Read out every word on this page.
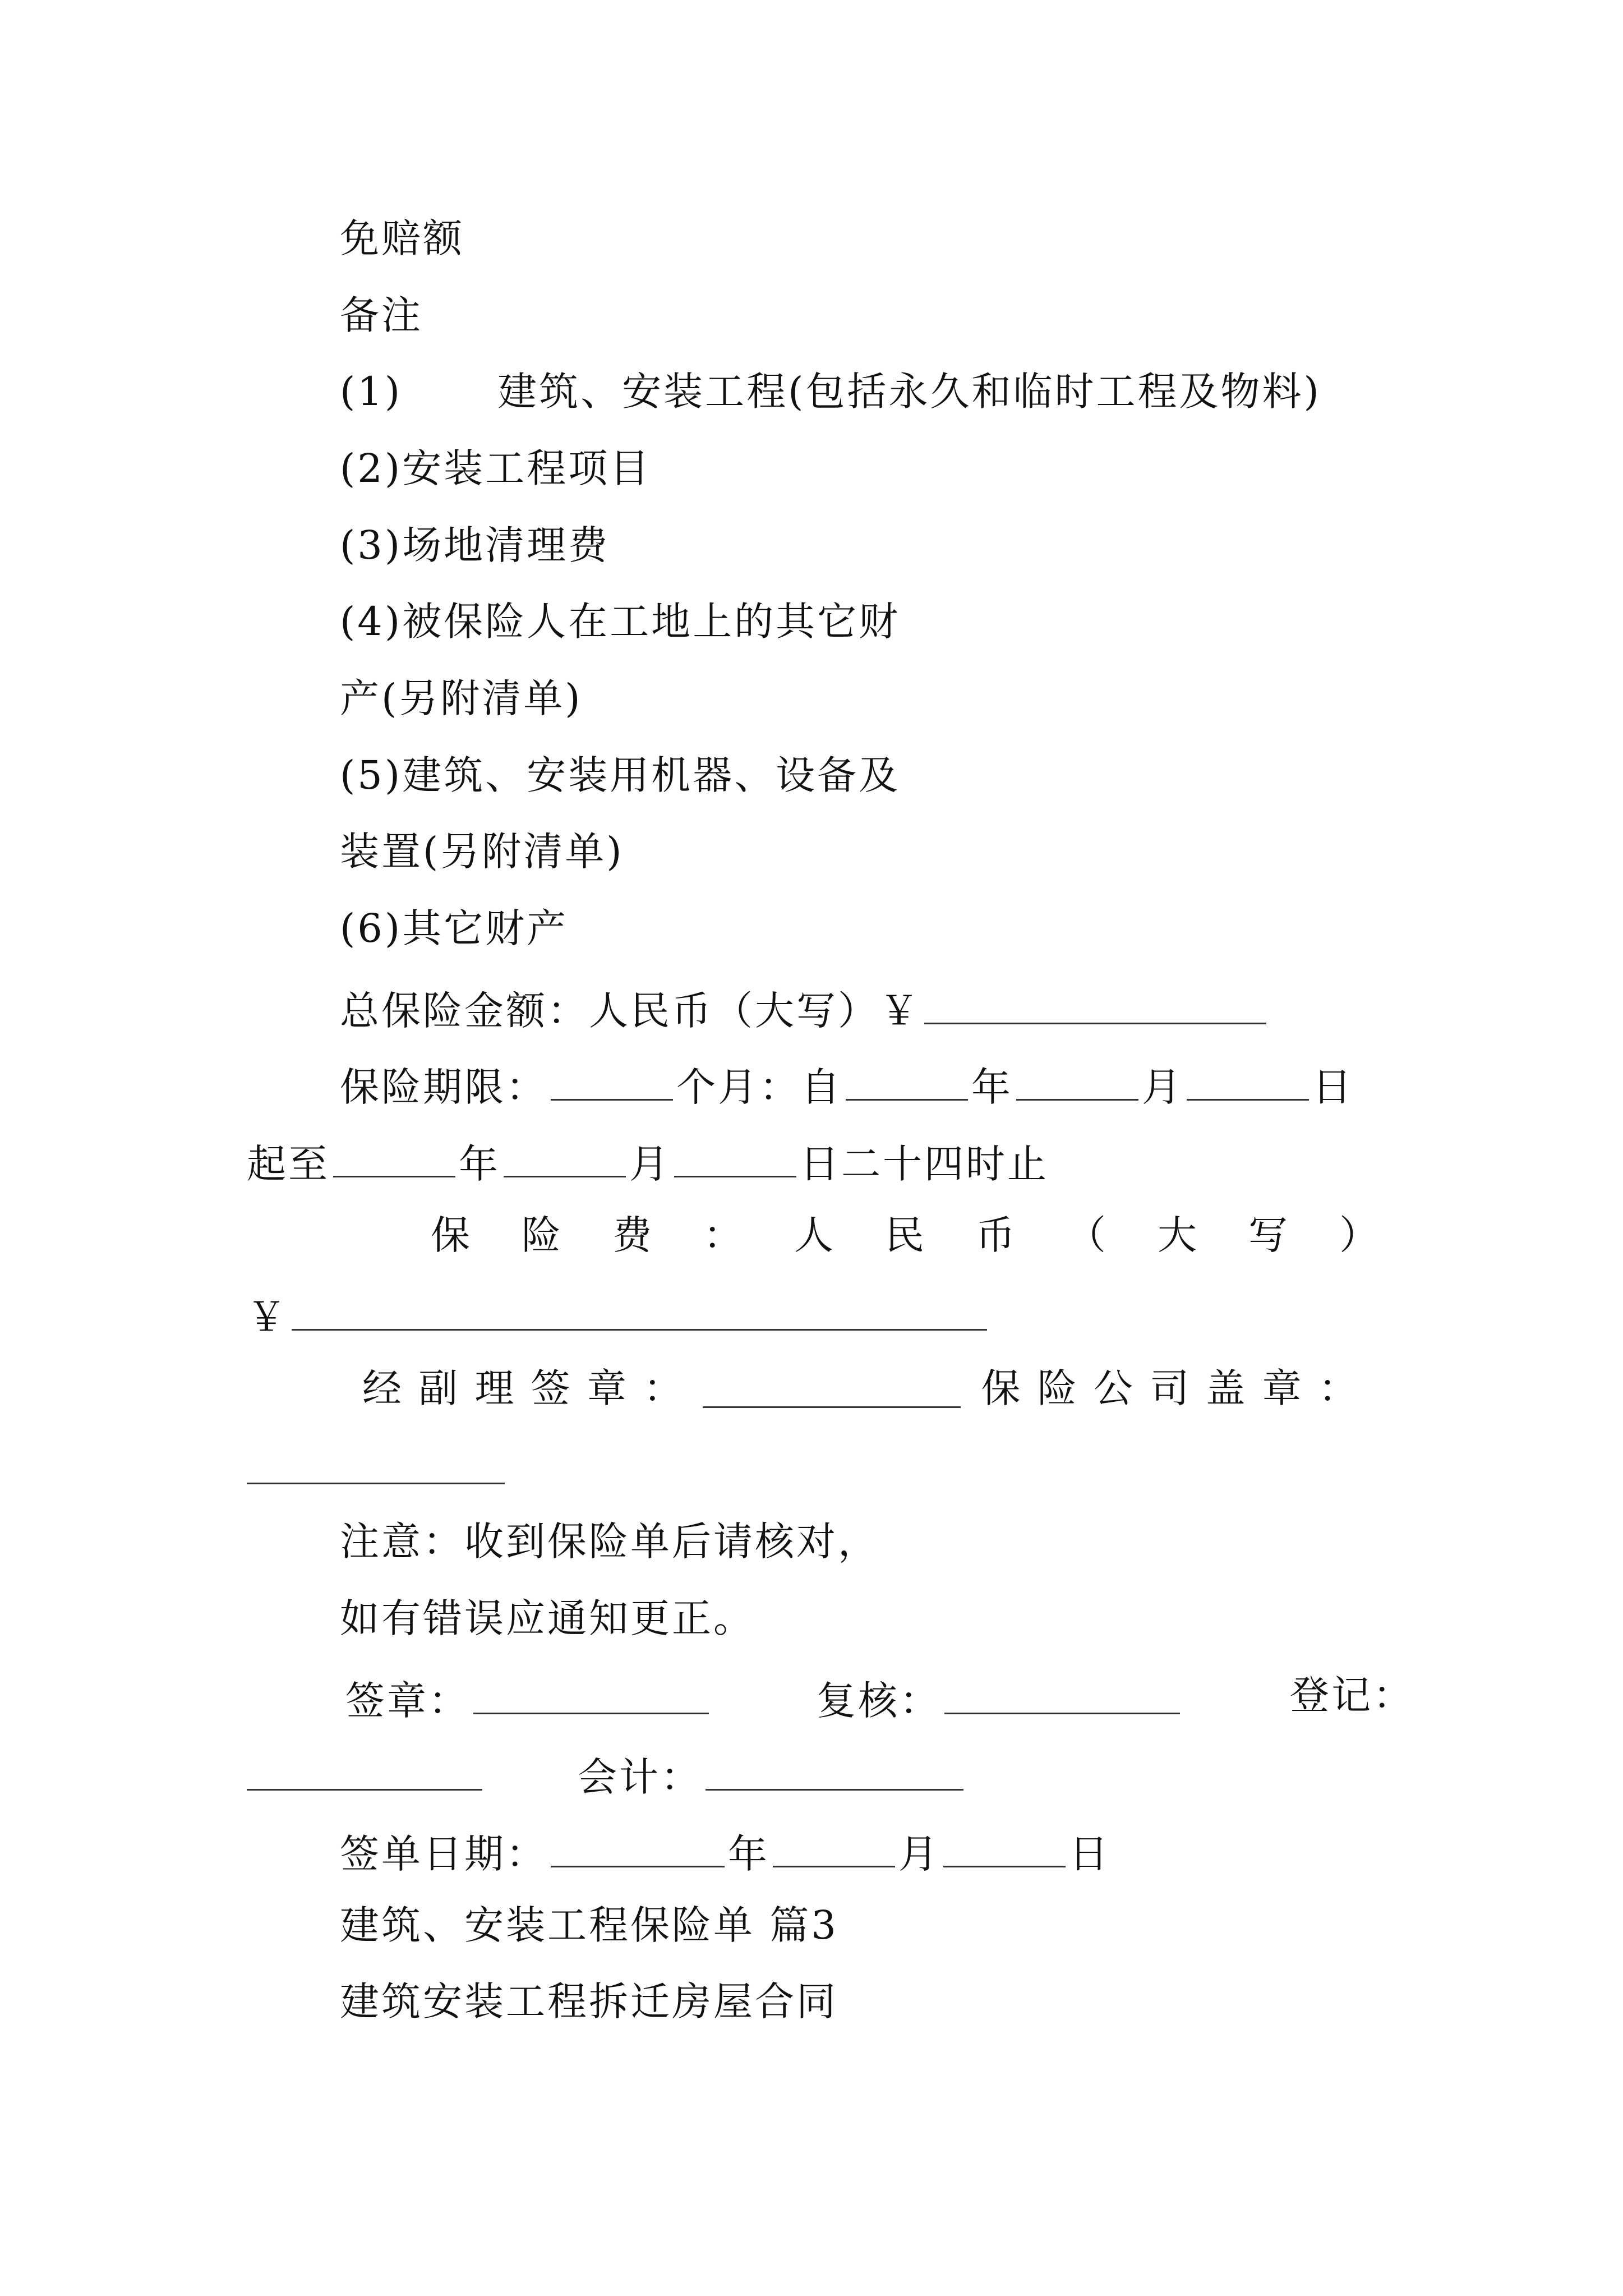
免赔额
备注
(1) 建筑、安装工程(包括永久和临时工程及物料)
(2)安装工程项目
(3)场地清理费
(4)被保险人在工地上的其它财
产(另附清单)
(5)建筑、安装用机器、设备及
装置(另附清单)
(6)其它财产
总保险金额：人民币（大写）￥
保险期限：	个月：自	年	月	日
起至	年	月	日二十四时止
保 险 费 ： 人 民 币 （ 大 写 ）
￥
经 副 理 签 章 ：	保 险 公 司 盖 章 ：
注意：收到保险单后请核对，
如有错误应通知更正。
签章：	复核：	登记：
会计：
签单日期：	年	月	日
建筑、安装工程保险单 篇3
建筑安装工程拆迁房屋合同
